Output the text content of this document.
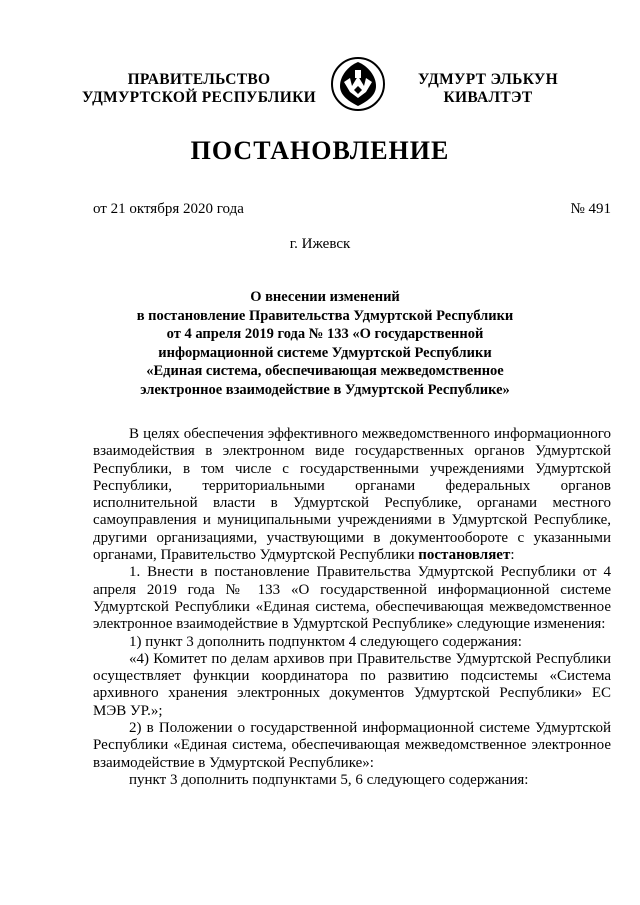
ПРАВИТЕЛЬСТВО
УДМУРТСКОЙ РЕСПУБЛИКИ
УДМУРТ ЭЛЬКУН
КИВАЛТЭТ
ПОСТАНОВЛЕНИЕ
от 21 октября 2020 года	№ 491
г. Ижевск
О внесении изменений
в постановление Правительства Удмуртской Республики
от 4 апреля 2019 года № 133 «О государственной
информационной системе Удмуртской Республики
«Единая система, обеспечивающая межведомственное
электронное взаимодействие в Удмуртской Республике»

В целях обеспечения эффективного межведомственного информационного взаимодействия в электронном виде государственных органов Удмуртской Республики, в том числе с государственными учреждениями Удмуртской Республики, территориальными органами федеральных органов исполнительной власти в Удмуртской Республике, органами местного самоуправления и муниципальными учреждениями в Удмуртской Республике, другими организациями, участвующими в документообороте с указанными органами, Правительство Удмуртской Республики постановляет:

1. Внести в постановление Правительства Удмуртской Республики от 4 апреля 2019 года № 133 «О государственной информационной системе Удмуртской Республики «Единая система, обеспечивающая межведомственное электронное взаимодействие в Удмуртской Республике» следующие изменения:

1) пункт 3 дополнить подпунктом 4 следующего содержания:

«4) Комитет по делам архивов при Правительстве Удмуртской Республики осуществляет функции координатора по развитию подсистемы «Система архивного хранения электронных документов Удмуртской Республики» ЕС МЭВ УР.»;

2) в Положении о государственной информационной системе Удмуртской Республики «Единая система, обеспечивающая межведомственное электронное взаимодействие в Удмуртской Республике»:

пункт 3 дополнить подпунктами 5, 6 следующего содержания:
